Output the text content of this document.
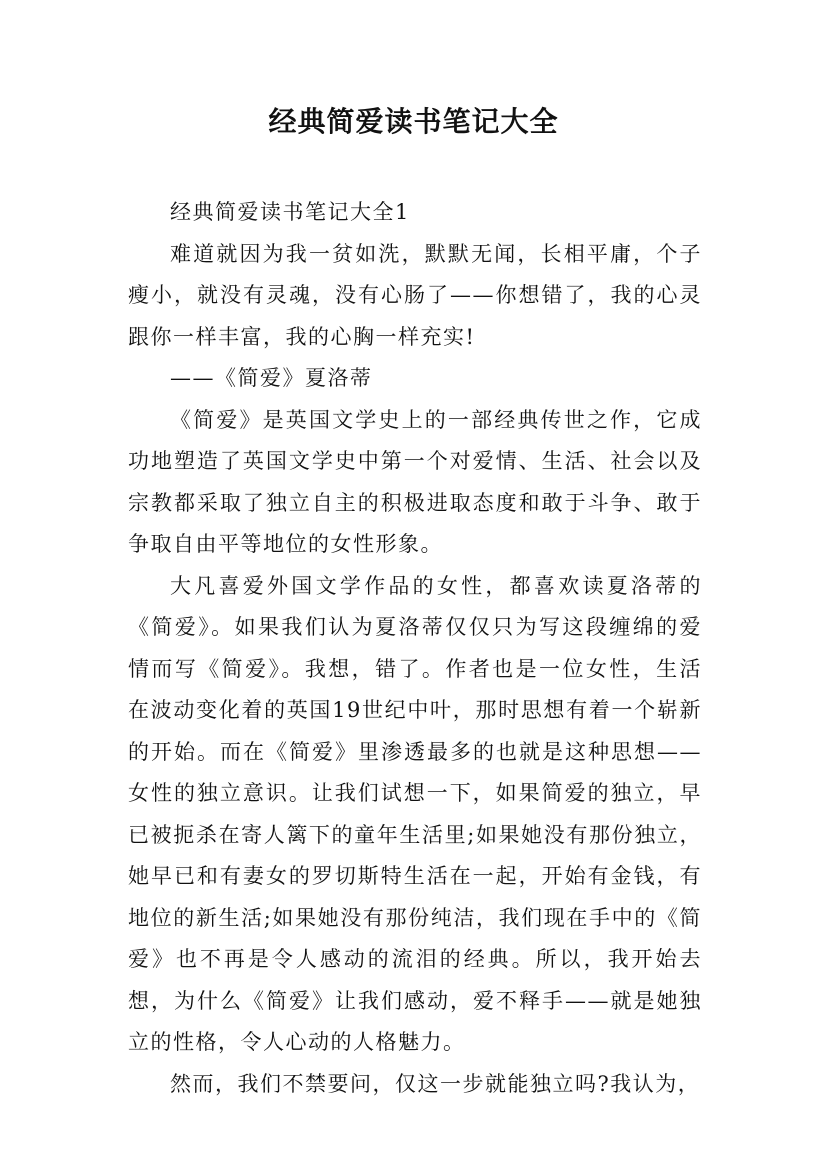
经典简爱读书笔记大全

经典简爱读书笔记大全1

难道就因为我一贫如洗，默默无闻，长相平庸，个子瘦小，就没有灵魂，没有心肠了——你想错了，我的心灵跟你一样丰富，我的心胸一样充实!

——《简爱》夏洛蒂

《简爱》是英国文学史上的一部经典传世之作，它成功地塑造了英国文学史中第一个对爱情、生活、社会以及宗教都采取了独立自主的积极进取态度和敢于斗争、敢于争取自由平等地位的女性形象。

大凡喜爱外国文学作品的女性，都喜欢读夏洛蒂的《简爱》。如果我们认为夏洛蒂仅仅只为写这段缠绵的爱情而写《简爱》。我想，错了。作者也是一位女性，生活在波动变化着的英国19世纪中叶，那时思想有着一个崭新的开始。而在《简爱》里渗透最多的也就是这种思想——女性的独立意识。让我们试想一下，如果简爱的独立，早已被扼杀在寄人篱下的童年生活里;如果她没有那份独立，她早已和有妻女的罗切斯特生活在一起，开始有金钱，有地位的新生活;如果她没有那份纯洁，我们现在手中的《简爱》也不再是令人感动的流泪的经典。所以，我开始去想，为什么《简爱》让我们感动，爱不释手——就是她独立的性格，令人心动的人格魅力。

然而，我们不禁要问，仅这一步就能独立吗?我认为，
